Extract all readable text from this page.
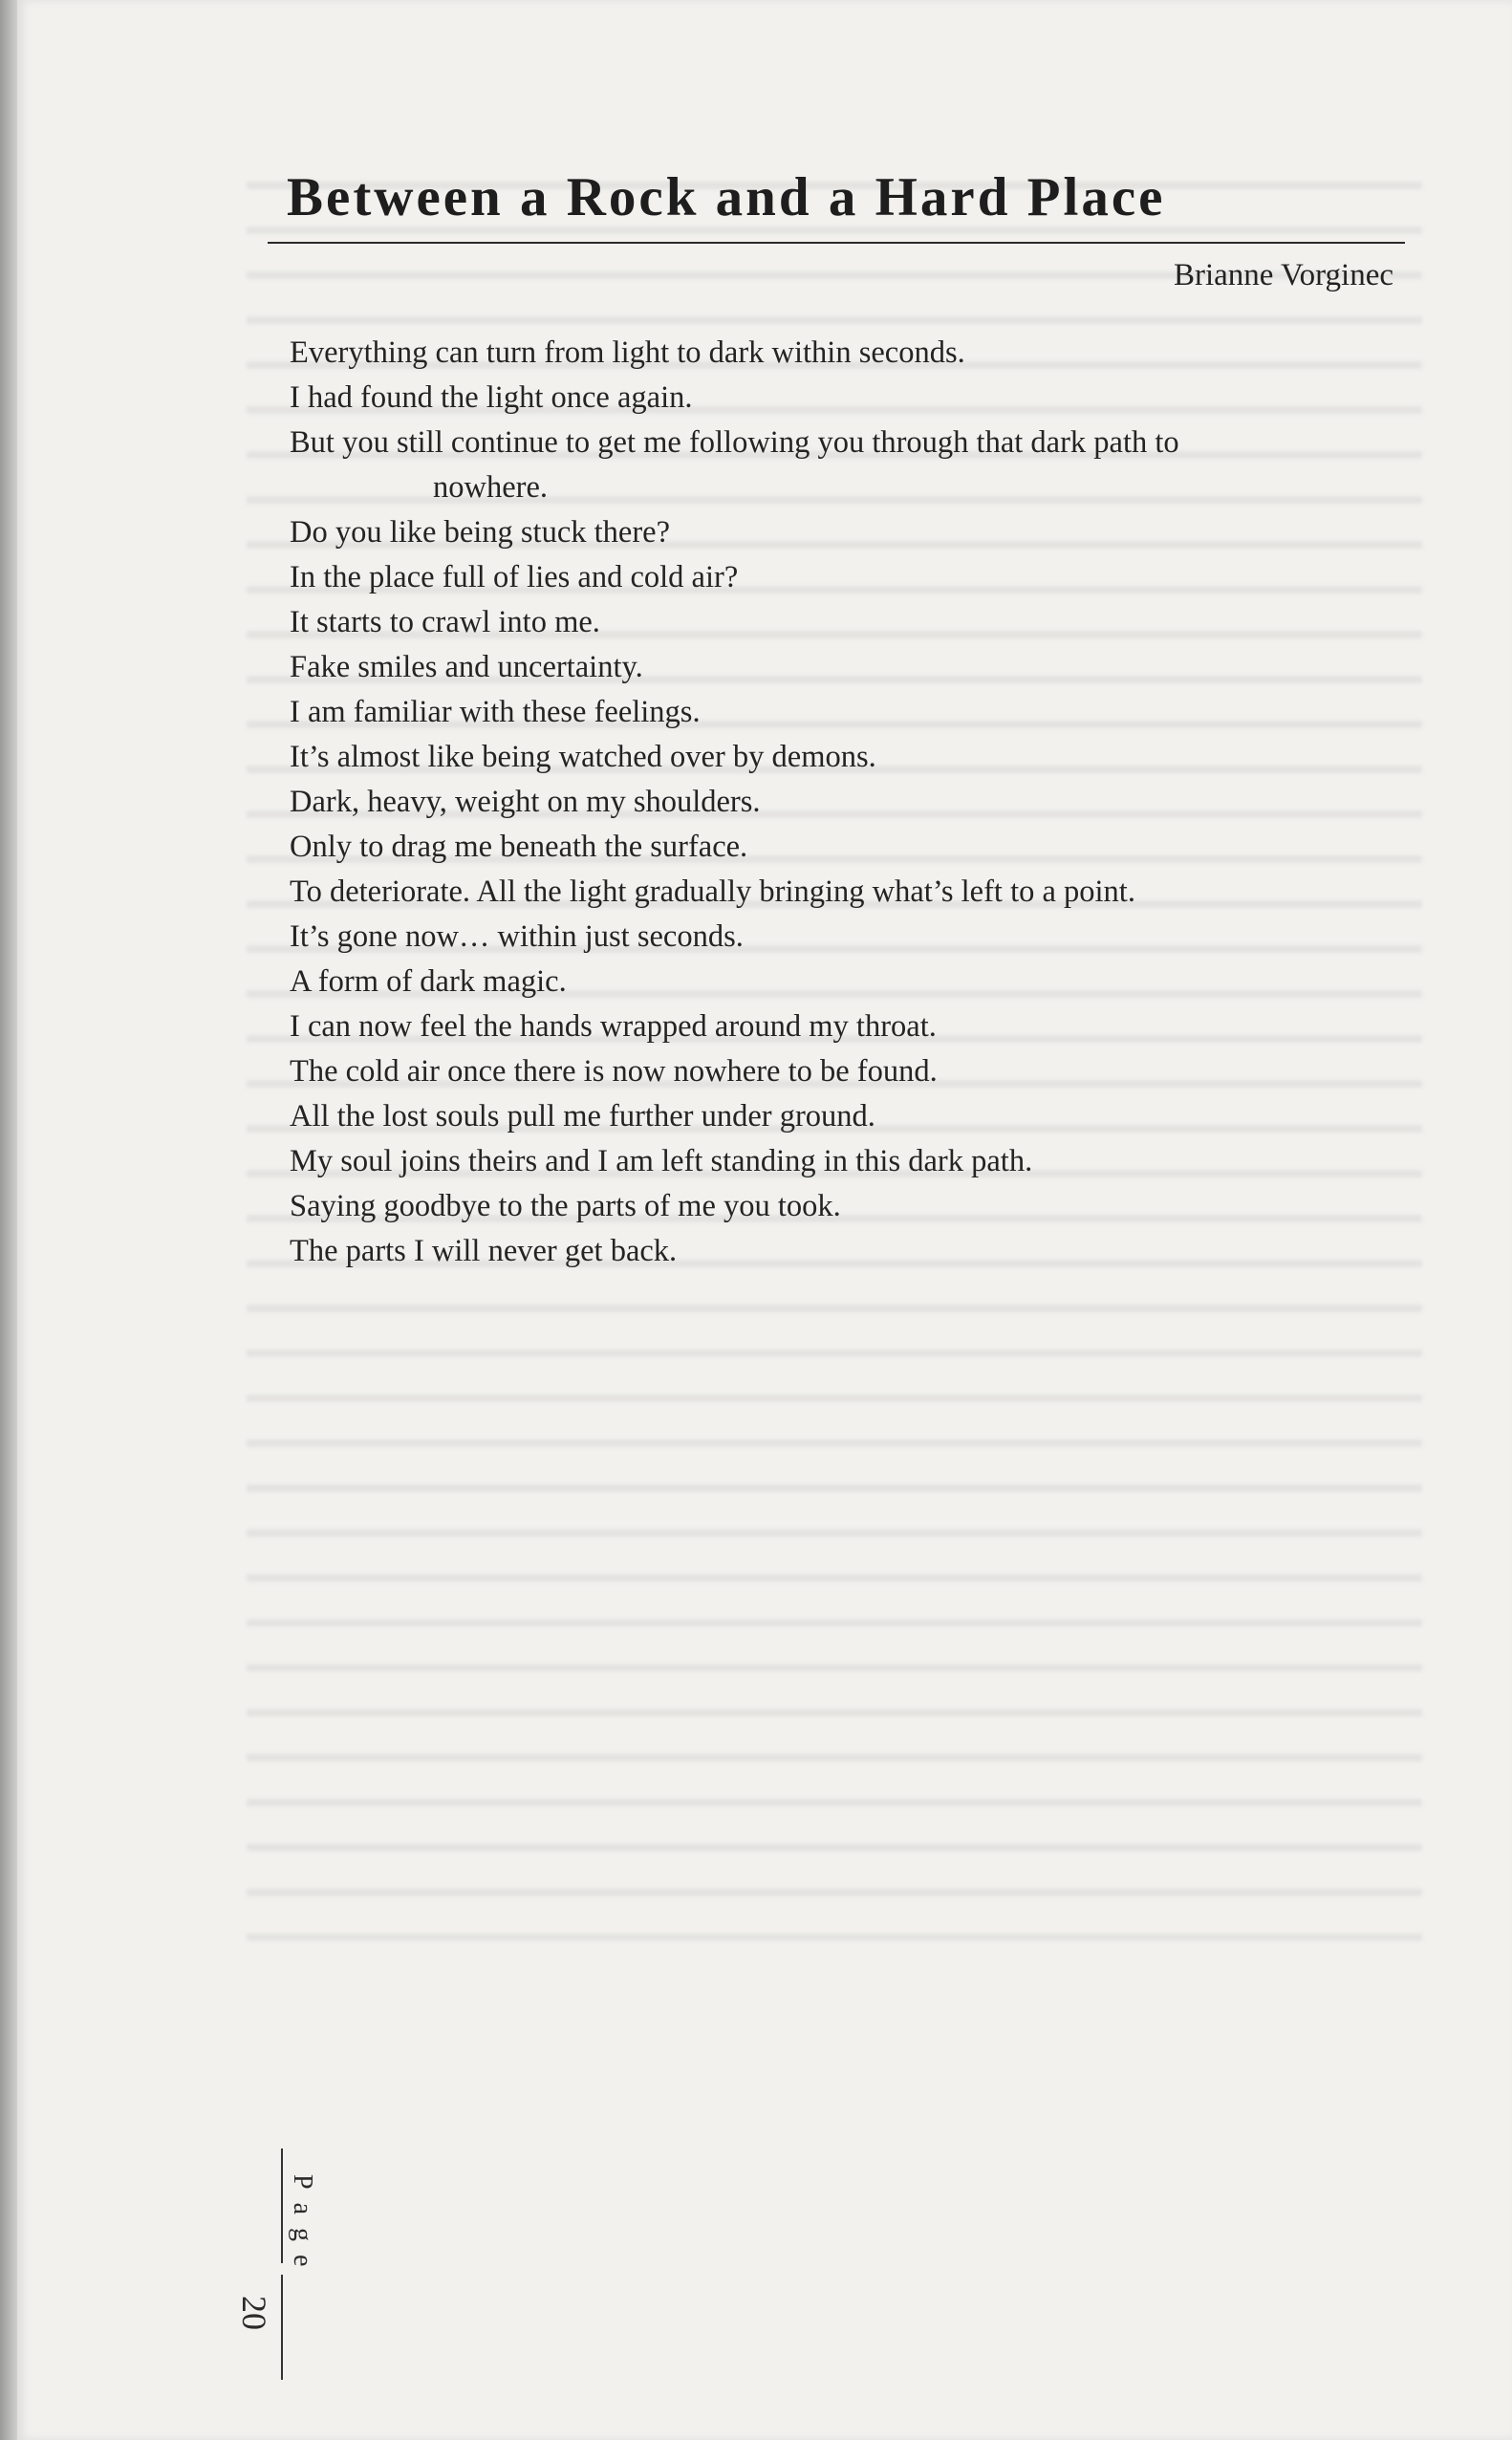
Between a Rock and a Hard Place
Brianne Vorginec
Everything can turn from light to dark within seconds.
I had found the light once again.
But you still continue to get me following you through that dark path to
nowhere.
Do you like being stuck there?
In the place full of lies and cold air?
It starts to crawl into me.
Fake smiles and uncertainty.
I am familiar with these feelings.
It’s almost like being watched over by demons.
Dark, heavy, weight on my shoulders.
Only to drag me beneath the surface.
To deteriorate. All the light gradually bringing what’s left to a point.
It’s gone now… within just seconds.
A form of dark magic.
I can now feel the hands wrapped around my throat.
The cold air once there is now nowhere to be found.
All the lost souls pull me further under ground.
My soul joins theirs and I am left standing in this dark path.
Saying goodbye to the parts of me you took.
The parts I will never get back.
Page
20
